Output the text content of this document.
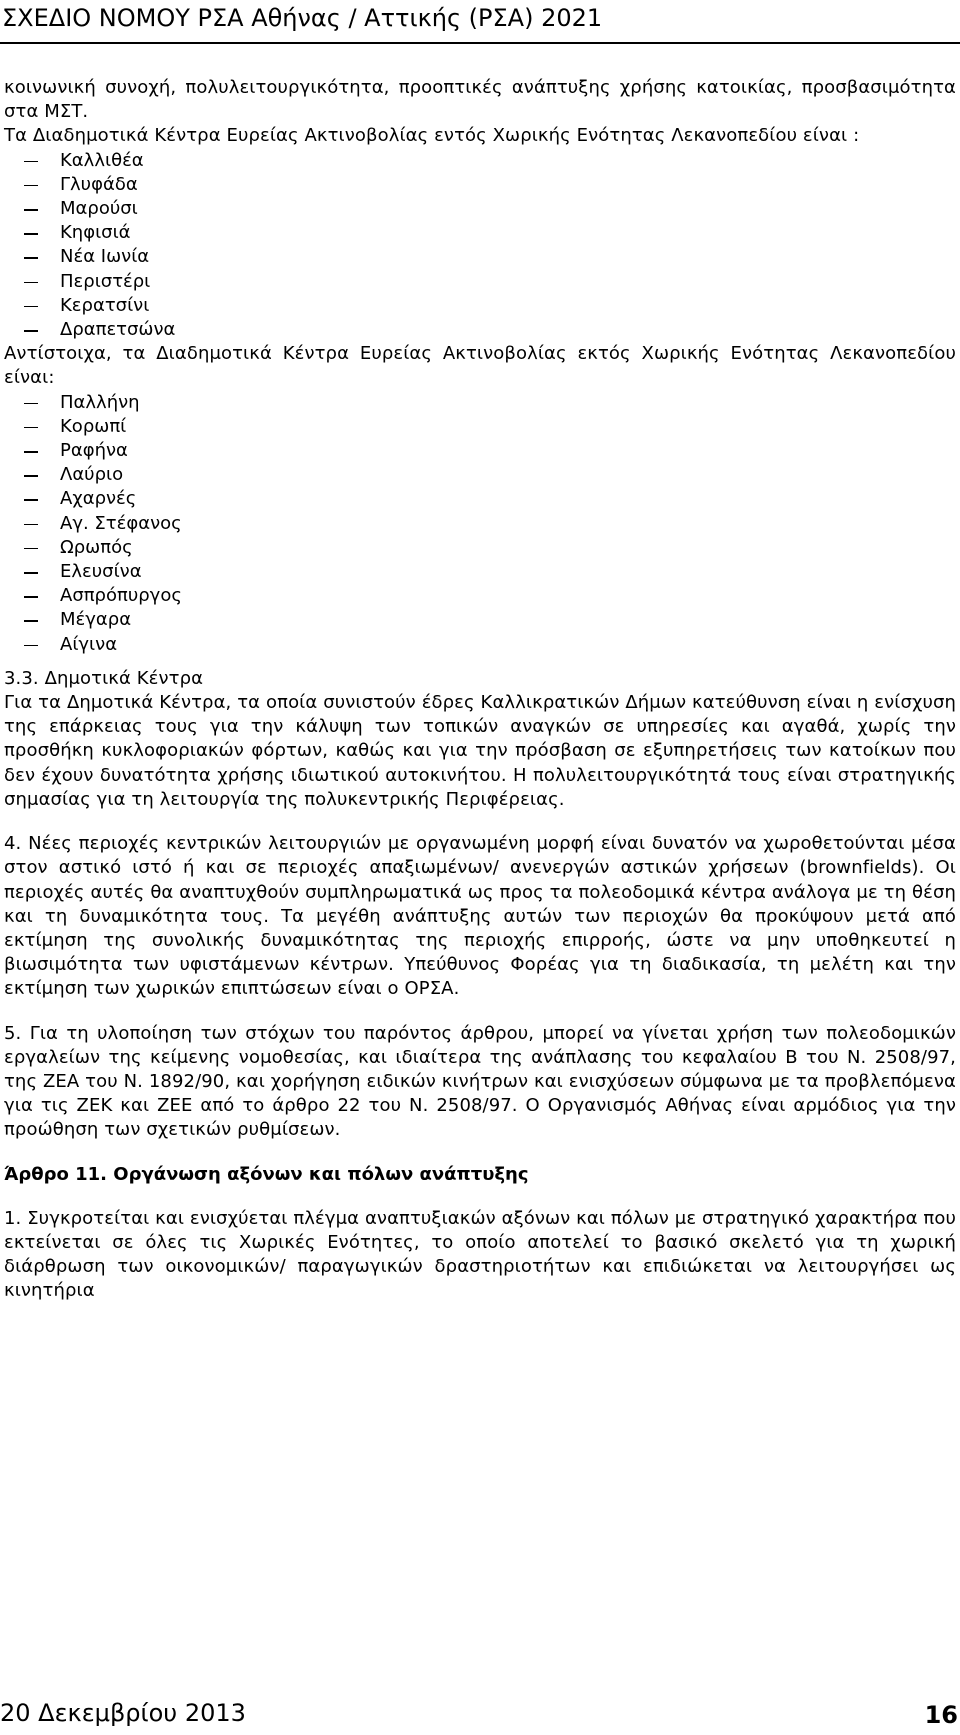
ΣΧΕΔΙΟ ΝΟΜΟΥ ΡΣΑ Αθήνας / Αττικής (ΡΣΑ) 2021

κοινωνική συνοχή, πολυλειτουργικότητα, προοπτικές ανάπτυξης χρήσης κατοικίας, προσβασιμότητα στα ΜΣΤ.

Τα Διαδημοτικά Κέντρα Ευρείας Ακτινοβολίας εντός Χωρικής Ενότητας Λεκανοπεδίου είναι :

Καλλιθέα
Γλυφάδα
Μαρούσι
Κηφισιά
Νέα Ιωνία
Περιστέρι
Κερατσίνι
Δραπετσώνα

Αντίστοιχα, τα Διαδημοτικά Κέντρα Ευρείας Ακτινοβολίας εκτός Χωρικής Ενότητας Λεκανοπεδίου είναι:

Παλλήνη
Κορωπί
Ραφήνα
Λαύριο
Αχαρνές
Αγ. Στέφανος
Ωρωπός
Ελευσίνα
Ασπρόπυργος
Μέγαρα
Αίγινα

3.3. Δημοτικά Κέντρα

Για τα Δημοτικά Κέντρα, τα οποία συνιστούν έδρες Καλλικρατικών Δήμων κατεύθυνση είναι η ενίσχυση της επάρκειας τους για την κάλυψη των τοπικών αναγκών σε υπηρεσίες και αγαθά, χωρίς την προσθήκη κυκλοφοριακών φόρτων, καθώς και για την πρόσβαση σε εξυπηρετήσεις των κατοίκων που δεν έχουν δυνατότητα χρήσης ιδιωτικού αυτοκινήτου. Η πολυλειτουργικότητά τους είναι στρατηγικής σημασίας για τη λειτουργία της πολυκεντρικής Περιφέρειας.

4. Νέες περιοχές κεντρικών λειτουργιών με οργανωμένη μορφή είναι δυνατόν να χωροθετούνται μέσα στον αστικό ιστό ή και σε περιοχές απαξιωμένων/ ανενεργών αστικών χρήσεων (brownfields). Οι περιοχές αυτές θα αναπτυχθούν συμπληρωματικά ως προς τα πολεοδομικά κέντρα ανάλογα με τη θέση και τη δυναμικότητα τους. Τα μεγέθη ανάπτυξης αυτών των περιοχών θα προκύψουν μετά από εκτίμηση της συνολικής δυναμικότητας της περιοχής επιρροής, ώστε να μην υποθηκευτεί η βιωσιμότητα των υφιστάμενων κέντρων. Υπεύθυνος Φορέας για τη διαδικασία, τη μελέτη και την εκτίμηση των χωρικών επιπτώσεων είναι ο ΟΡΣΑ.

5. Για τη υλοποίηση των στόχων του παρόντος άρθρου, μπορεί να γίνεται χρήση των πολεοδομικών εργαλείων της κείμενης νομοθεσίας, και ιδιαίτερα της ανάπλασης του κεφαλαίου Β του Ν. 2508/97, της ΖΕΑ του Ν. 1892/90, και χορήγηση ειδικών κινήτρων και ενισχύσεων σύμφωνα με τα προβλεπόμενα για τις ΖΕΚ και ΖΕΕ από το άρθρο 22 του Ν. 2508/97. Ο Οργανισμός Αθήνας είναι αρμόδιος για την προώθηση των σχετικών ρυθμίσεων.

Άρθρο 11. Οργάνωση αξόνων και πόλων ανάπτυξης

1. Συγκροτείται και ενισχύεται πλέγμα αναπτυξιακών αξόνων και πόλων με στρατηγικό χαρακτήρα που εκτείνεται σε όλες τις Χωρικές Ενότητες, το οποίο αποτελεί το βασικό σκελετό για τη χωρική διάρθρωση των οικονομικών/ παραγωγικών δραστηριοτήτων και επιδιώκεται να λειτουργήσει ως κινητήρια

20 Δεκεμβρίου 2013	16
